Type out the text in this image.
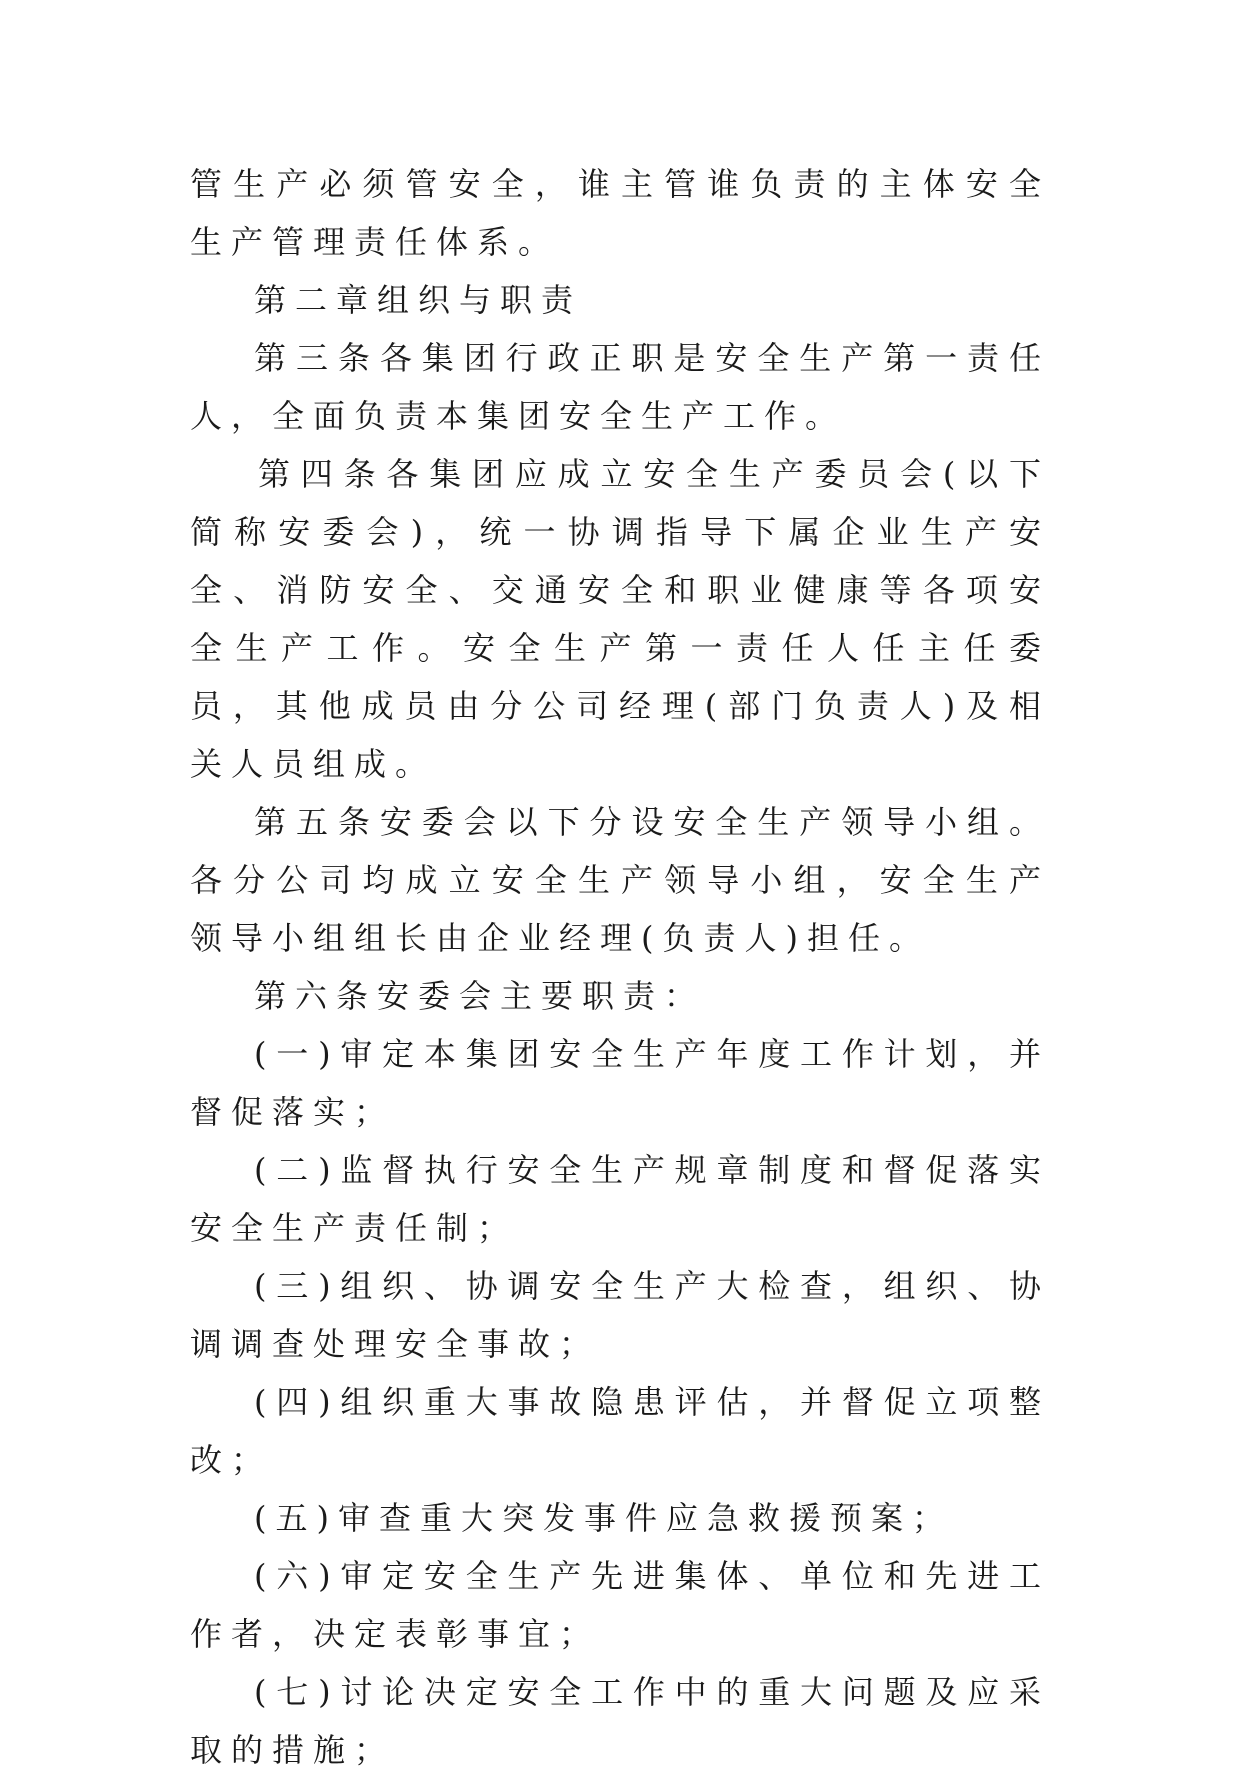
管生产必须管安全，谁主管谁负责的主体安全生产管理责任体系。

第二章组织与职责

第三条各集团行政正职是安全生产第一责任人，全面负责本集团安全生产工作。

第四条各集团应成立安全生产委员会(以下简称安委会)，统一协调指导下属企业生产安全、消防安全、交通安全和职业健康等各项安全生产工作。安全生产第一责任人任主任委员，其他成员由分公司经理(部门负责人)及相关人员组成。

第五条安委会以下分设安全生产领导小组。各分公司均成立安全生产领导小组，安全生产领导小组组长由企业经理(负责人)担任。

第六条安委会主要职责：

(一)审定本集团安全生产年度工作计划，并督促落实；

(二)监督执行安全生产规章制度和督促落实安全生产责任制；

(三)组织、协调安全生产大检查，组织、协调调查处理安全事故；

(四)组织重大事故隐患评估，并督促立项整改；

(五)审查重大突发事件应急救援预案；

(六)审定安全生产先进集体、单位和先进工作者，决定表彰事宜；

(七)讨论决定安全工作中的重大问题及应采取的措施；
